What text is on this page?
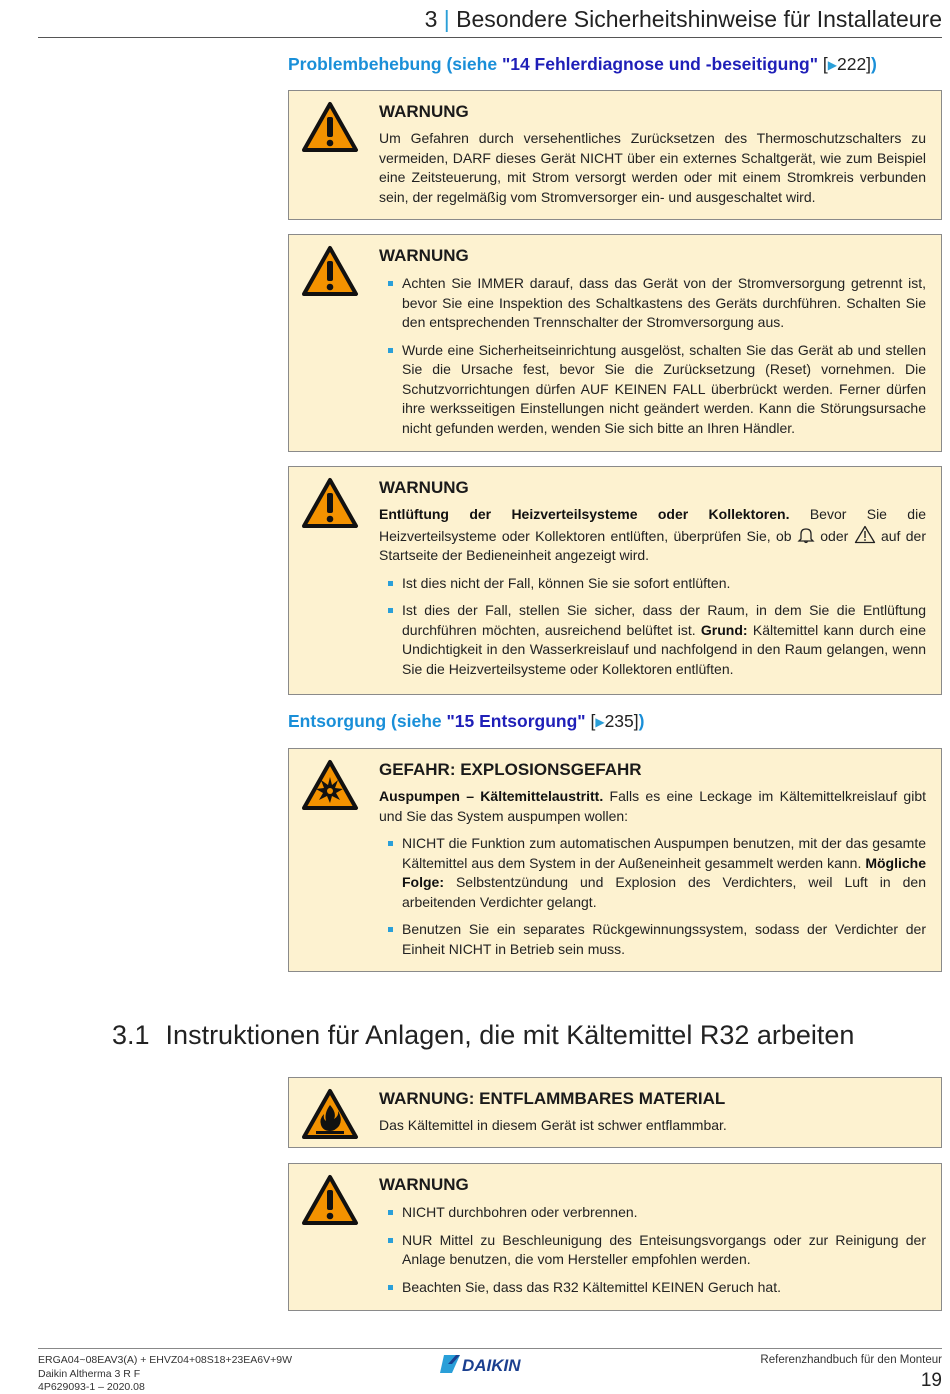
3 | Besondere Sicherheitshinweise für Installateure
Problembehebung (siehe "14 Fehlerdiagnose und -beseitigung" [▶222])
WARNUNG

Um Gefahren durch versehentliches Zurücksetzen des Thermoschutzschalters zu vermeiden, DARF dieses Gerät NICHT über ein externes Schaltgerät, wie zum Beispiel eine Zeitsteuerung, mit Strom versorgt werden oder mit einem Stromkreis verbunden sein, der regelmäßig vom Stromversorger ein- und ausgeschaltet wird.

WARNUNG
Achten Sie IMMER darauf, dass das Gerät von der Stromversorgung getrennt ist, bevor Sie eine Inspektion des Schaltkastens des Geräts durchführen. Schalten Sie den entsprechenden Trennschalter der Stromversorgung aus.
Wurde eine Sicherheitseinrichtung ausgelöst, schalten Sie das Gerät ab und stellen Sie die Ursache fest, bevor Sie die Zurücksetzung (Reset) vornehmen. Die Schutzvorrichtungen dürfen AUF KEINEN FALL überbrückt werden. Ferner dürfen ihre werksseitigen Einstellungen nicht geändert werden. Kann die Störungsursache nicht gefunden werden, wenden Sie sich bitte an Ihren Händler.
WARNUNG

Entlüftung der Heizverteilsysteme oder Kollektoren. Bevor Sie die Heizverteilsysteme oder Kollektoren entlüften, überprüfen Sie, ob  oder  auf der Startseite der Bedieneinheit angezeigt wird.

Ist dies nicht der Fall, können Sie sie sofort entlüften.
Ist dies der Fall, stellen Sie sicher, dass der Raum, in dem Sie die Entlüftung durchführen möchten, ausreichend belüftet ist. Grund: Kältemittel kann durch eine Undichtigkeit in den Wasserkreislauf und nachfolgend in den Raum gelangen, wenn Sie die Heizverteilsysteme oder Kollektoren entlüften.
Entsorgung (siehe "15 Entsorgung" [▶235])
GEFAHR: EXPLOSIONSGEFAHR

Auspumpen – Kältemittelaustritt. Falls es eine Leckage im Kältemittelkreislauf gibt und Sie das System auspumpen wollen:

NICHT die Funktion zum automatischen Auspumpen benutzen, mit der das gesamte Kältemittel aus dem System in der Außeneinheit gesammelt werden kann. Mögliche Folge: Selbstentzündung und Explosion des Verdichters, weil Luft in den arbeitenden Verdichter gelangt.
Benutzen Sie ein separates Rückgewinnungssystem, sodass der Verdichter der Einheit NICHT in Betrieb sein muss.
3.1 Instruktionen für Anlagen, die mit Kältemittel R32 arbeiten
WARNUNG: ENTFLAMMBARES MATERIAL

Das Kältemittel in diesem Gerät ist schwer entflammbar.

WARNUNG
NICHT durchbohren oder verbrennen.
NUR Mittel zu Beschleunigung des Enteisungsvorgangs oder zur Reinigung der Anlage benutzen, die vom Hersteller empfohlen werden.
Beachten Sie, dass das R32 Kältemittel KEINEN Geruch hat.
ERGA04~08EAV3(A) + EHVZ04+08S18+23EA6V+9W
Daikin Altherma 3 R F
4P629093-1 – 2020.08
DAIKIN	Referenzhandbuch für den Monteur
19
